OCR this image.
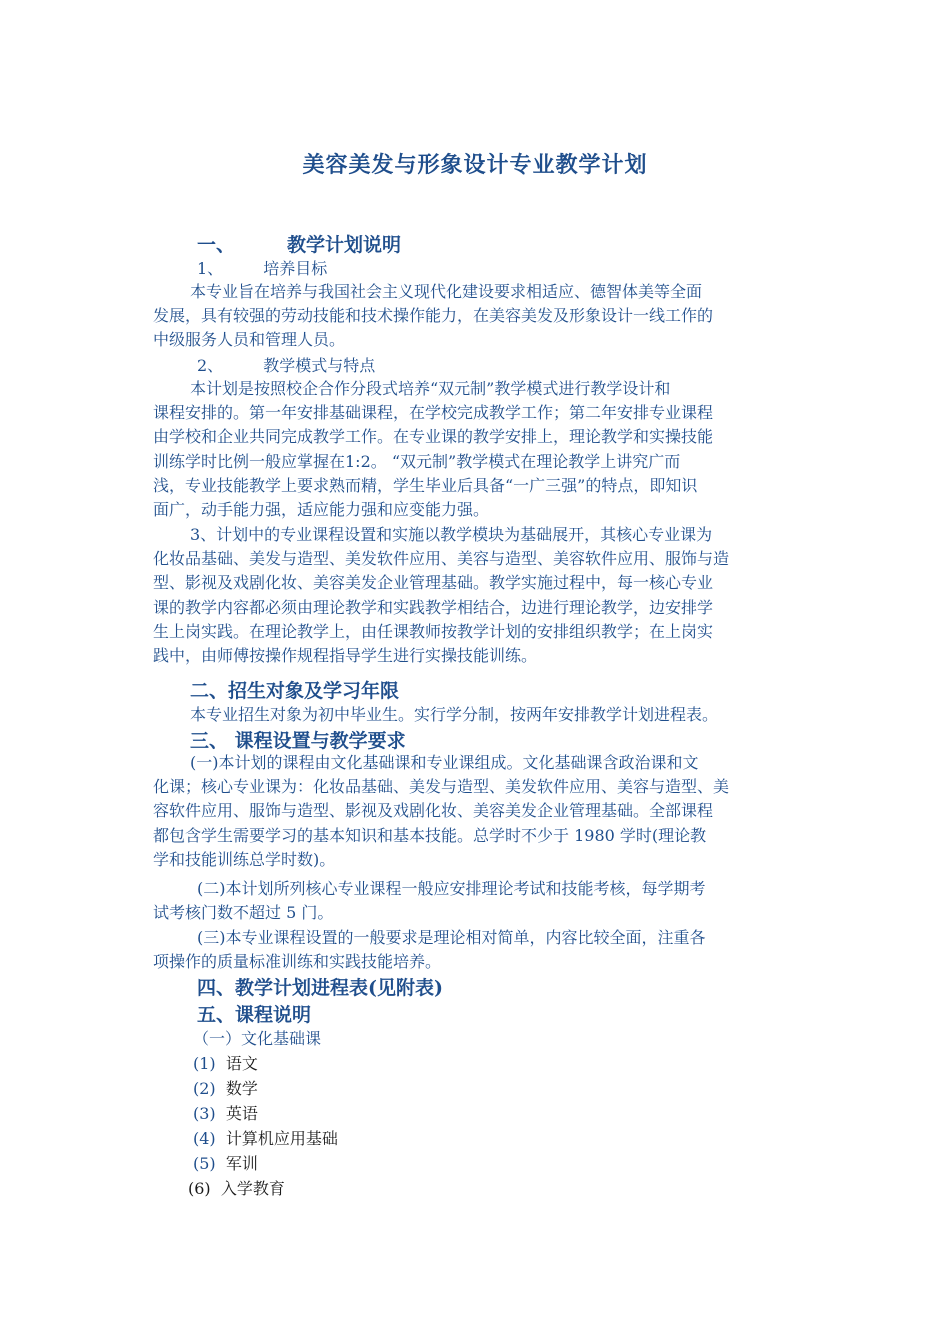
美容美发与形象设计专业教学计划
一、	教学计划说明
1、	培养目标
本专业旨在培养与我国社会主义现代化建设要求相适应、德智体美等全面
发展，具有较强的劳动技能和技术操作能力，在美容美发及形象设计一线工作的
中级服务人员和管理人员。
2、	教学模式与特点
本计划是按照校企合作分段式培养“双元制”教学模式进行教学设计和
课程安排的。第一年安排基础课程，在学校完成教学工作；第二年安排专业课程
由学校和企业共同完成教学工作。在专业课的教学安排上，理论教学和实操技能
训练学时比例一般应掌握在1:2。 “双元制”教学模式在理论教学上讲究广而
浅，专业技能教学上要求熟而精，学生毕业后具备“一广三强”的特点，即知识
面广，动手能力强，适应能力强和应变能力强。
3、计划中的专业课程设置和实施以教学模块为基础展开，其核心专业课为
化妆品基础、美发与造型、美发软件应用、美容与造型、美容软件应用、服饰与造
型、影视及戏剧化妆、美容美发企业管理基础。教学实施过程中，每一核心专业
课的教学内容都必须由理论教学和实践教学相结合，边进行理论教学，边安排学
生上岗实践。在理论教学上，由任课教师按教学计划的安排组织教学；在上岗实
践中，由师傅按操作规程指导学生进行实操技能训练。
二、招生对象及学习年限
本专业招生对象为初中毕业生。实行学分制，按两年安排教学计划进程表。
三、 课程设置与教学要求
(一)本计划的课程由文化基础课和专业课组成。文化基础课含政治课和文
化课；核心专业课为：化妆品基础、美发与造型、美发软件应用、美容与造型、美
容软件应用、服饰与造型、影视及戏剧化妆、美容美发企业管理基础。全部课程
都包含学生需要学习的基本知识和基本技能。总学时不少于 1980 学时(理论教
学和技能训练总学时数)。
(二)本计划所列核心专业课程一般应安排理论考试和技能考核，每学期考
试考核门数不超过 5 门。
(三)本专业课程设置的一般要求是理论相对简单，内容比较全面，注重各
项操作的质量标准训练和实践技能培养。
四、教学计划进程表(见附表)
五、课程说明
（一）文化基础课
(1) 语文
(2) 数学
(3) 英语
(4) 计算机应用基础
(5) 军训
(6) 入学教育
